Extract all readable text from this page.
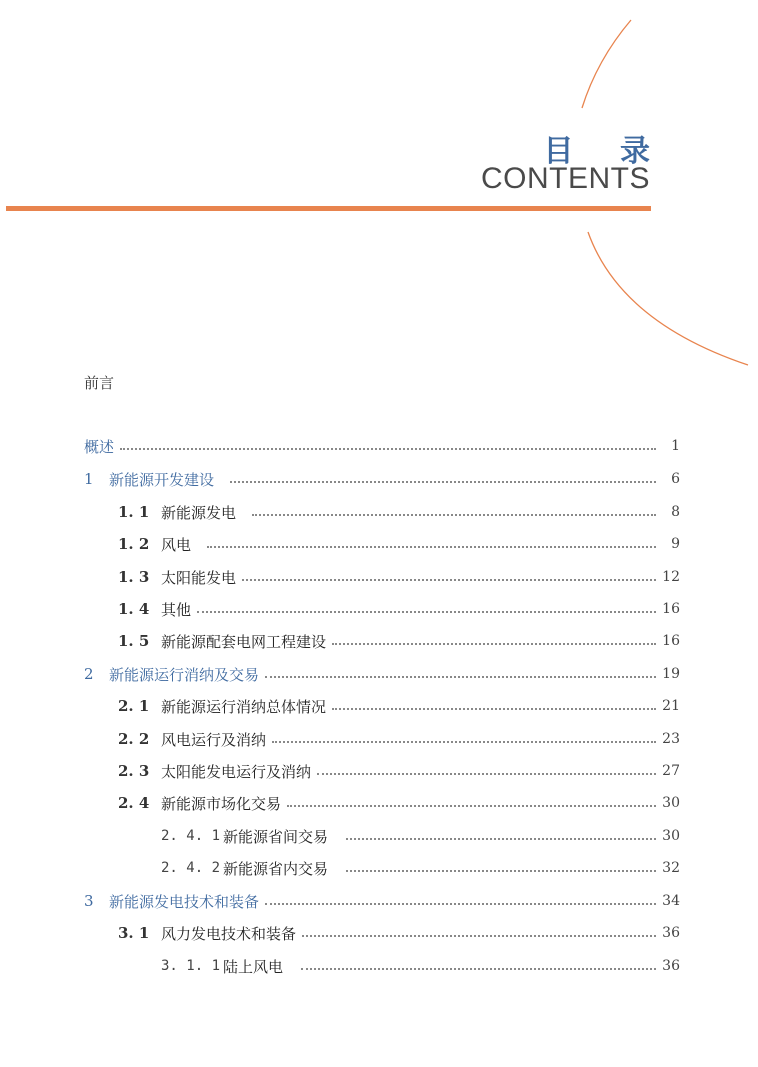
目 录
CONTENTS
前言
概述	1
1	新能源开发建设	6
1. 1 新能源发电	8
1. 2 风电	9
1. 3 太阳能发电	12
1. 4 其他	16
1. 5 新能源配套电网工程建设	16
2	新能源运行消纳及交易	19
2. 1 新能源运行消纳总体情况	21
2. 2 风电运行及消纳	23
2. 3 太阳能发电运行及消纳	27
2. 4 新能源市场化交易	30
2. 4. 1 新能源省间交易	30
2. 4. 2 新能源省内交易	32
3	新能源发电技术和装备	34
3. 1 风力发电技术和装备	36
3. 1. 1 陆上风电	36
